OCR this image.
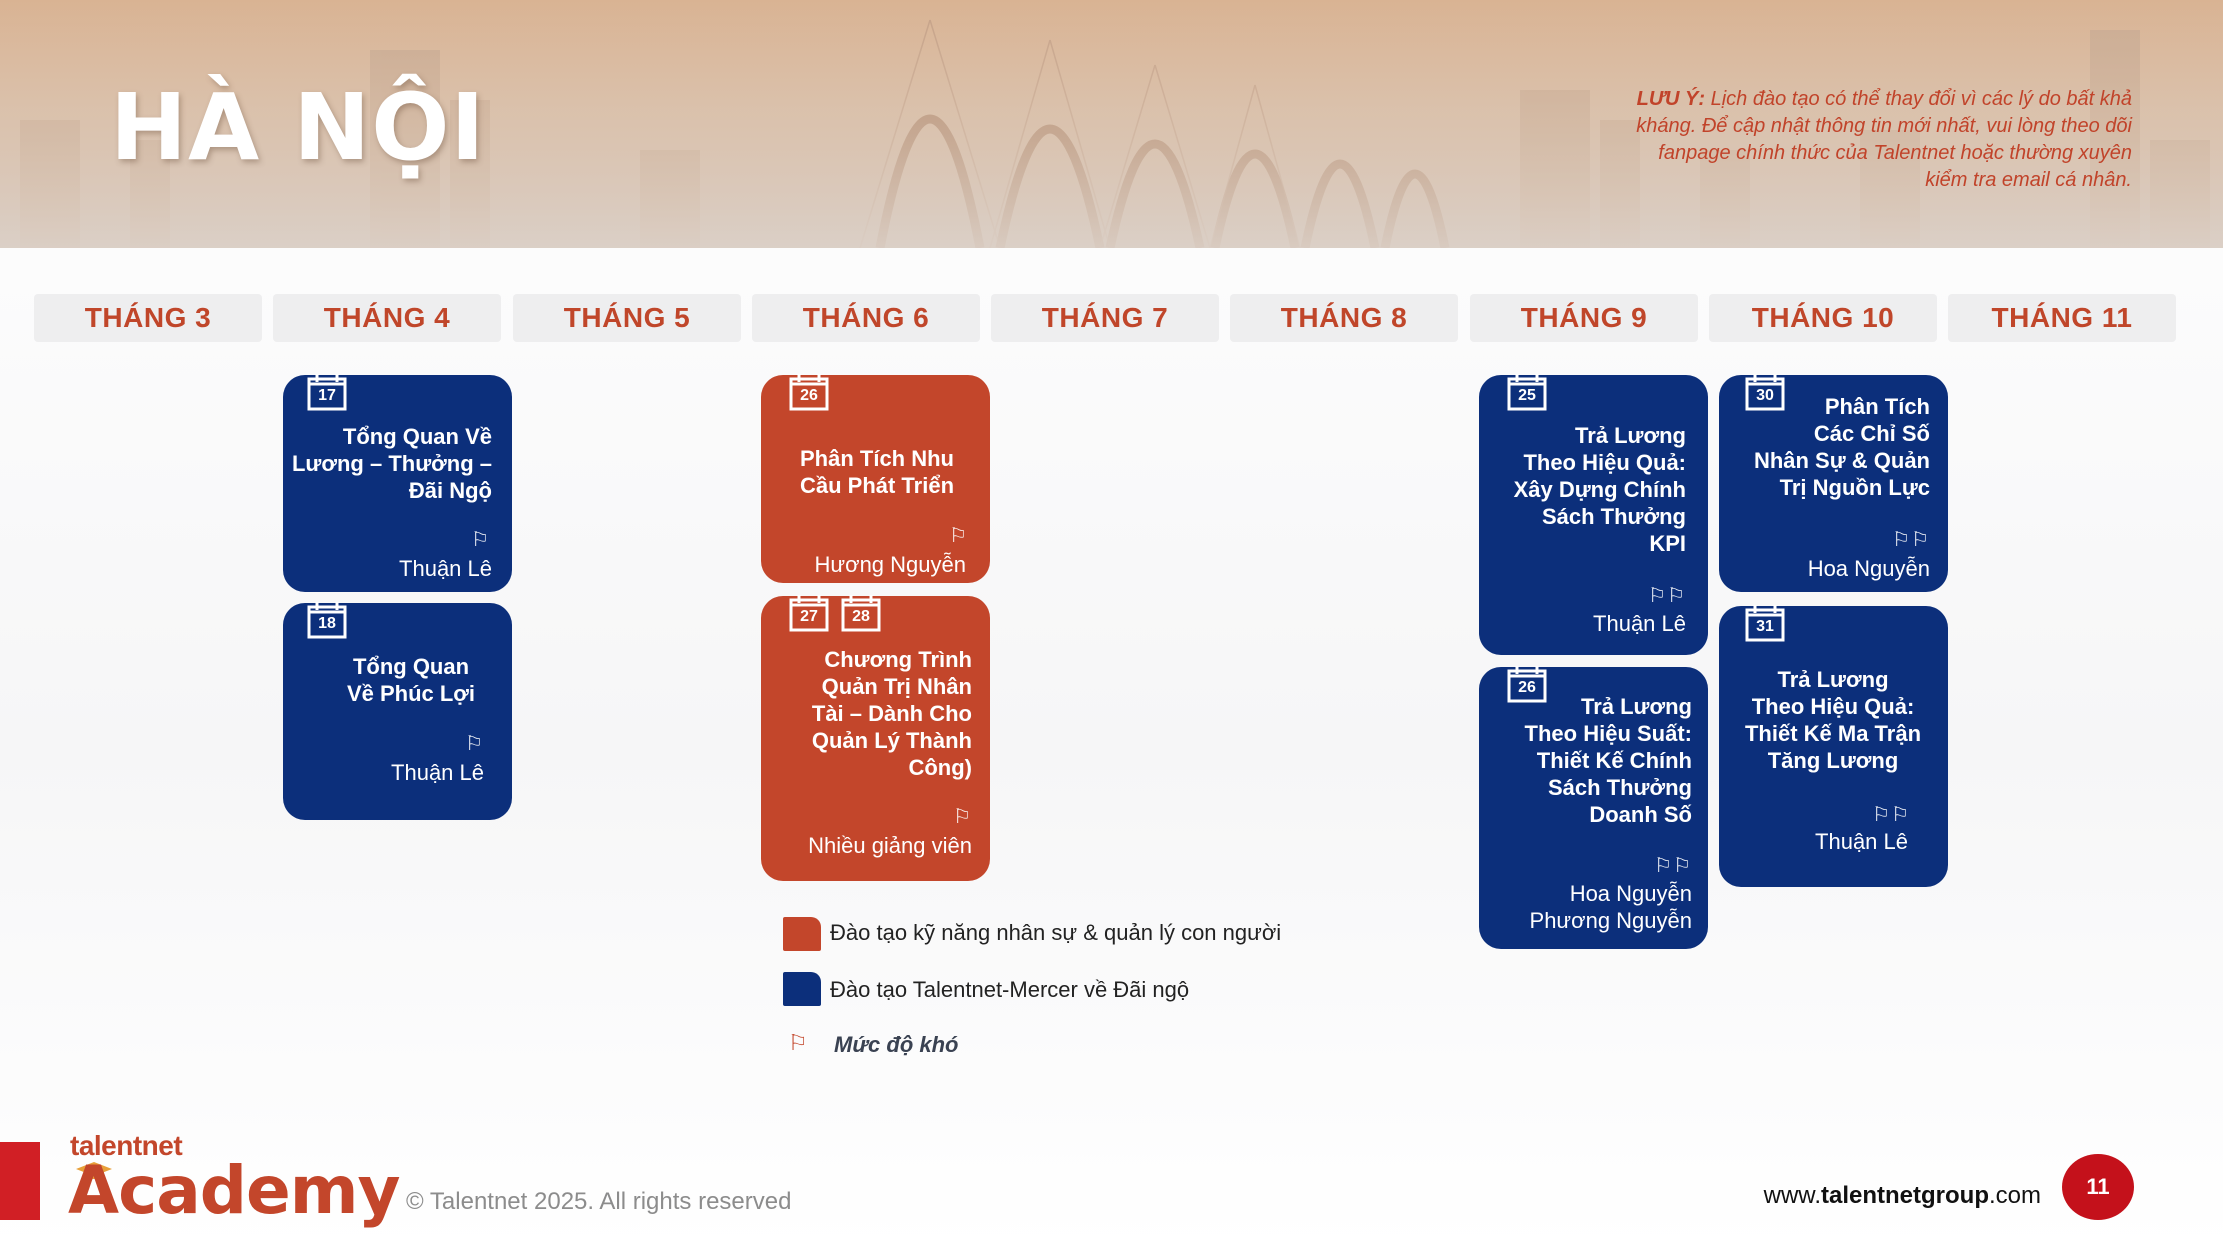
HÀ NỘI	LƯU Ý: Lịch đào tạo có thể thay đổi vì các lý do bất khả kháng. Để cập nhật thông tin mới nhất, vui lòng theo dõi fanpage chính thức của Talentnet hoặc thường xuyên kiểm tra email cá nhân.
THÁNG 3	THÁNG 4	THÁNG 5	THÁNG 6	THÁNG 7	THÁNG 8	THÁNG 9	THÁNG 10	THÁNG 11
17
Tổng Quan Về
Lương – Thưởng –
Đãi Ngộ
⚐
Thuận Lê
18
Tổng Quan
Về Phúc Lợi
⚐
Thuận Lê
26
Phân Tích Nhu
Cầu Phát Triển
⚐
Hương Nguyễn
27	28
Chương Trình
Quản Trị Nhân
Tài – Dành Cho
Quản Lý Thành
Công)
⚐
Nhiều giảng viên
25
Trả Lương
Theo Hiệu Quả:
Xây Dựng Chính
Sách Thưởng
KPI
⚐⚐
Thuận Lê
26
Trả Lương
Theo Hiệu Suất:
Thiết Kế Chính
Sách Thưởng
Doanh Số
⚐⚐
Hoa Nguyễn
Phương Nguyễn
30	Phân Tích
Các Chỉ Số
Nhân Sự & Quản
Trị Nguồn Lực
⚐⚐
Hoa Nguyễn
31
Trả Lương
Theo Hiệu Quả:
Thiết Kế Ma Trận
Tăng Lương
⚐⚐
Thuận Lê
Đào tạo kỹ năng nhân sự & quản lý con người
Đào tạo Talentnet-Mercer về Đãi ngộ
⚐ Mức độ khó
talentnet
Academy © Talentnet 2025. All rights reserved	www.talentnetgroup.com	11
